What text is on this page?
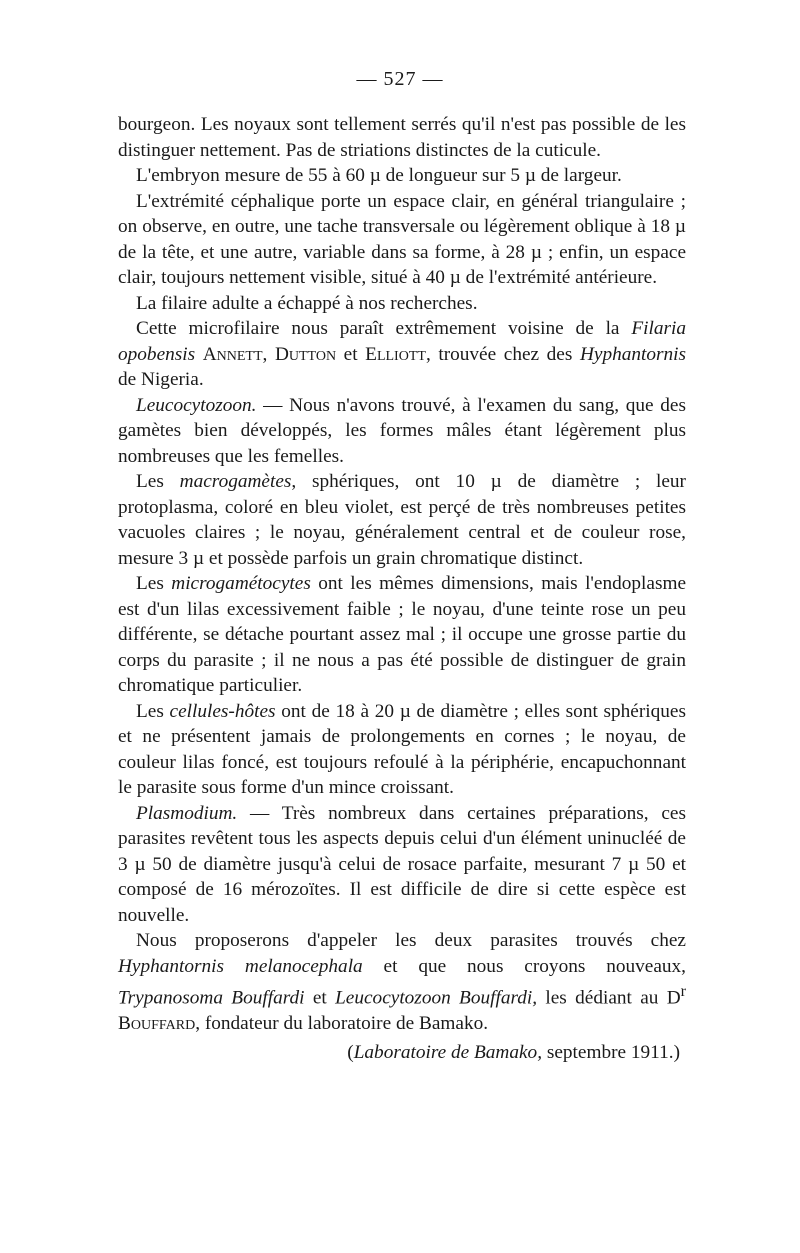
— 527 —

bourgeon. Les noyaux sont tellement serrés qu'il n'est pas possible de les distinguer nettement. Pas de striations distinctes de la cuticule.

L'embryon mesure de 55 à 60 µ de longueur sur 5 µ de largeur.

L'extrémité céphalique porte un espace clair, en général triangulaire ; on observe, en outre, une tache transversale ou légèrement oblique à 18 µ de la tête, et une autre, variable dans sa forme, à 28 µ ; enfin, un espace clair, toujours nettement visible, situé à 40 µ de l'extrémité antérieure.

La filaire adulte a échappé à nos recherches.

Cette microfilaire nous paraît extrêmement voisine de la Filaria opobensis Annett, Dutton et Elliott, trouvée chez des Hyphantornis de Nigeria.

Leucocytozoon. — Nous n'avons trouvé, à l'examen du sang, que des gamètes bien développés, les formes mâles étant légèrement plus nombreuses que les femelles.

Les macrogamètes, sphériques, ont 10 µ de diamètre ; leur protoplasma, coloré en bleu violet, est perçé de très nombreuses petites vacuoles claires ; le noyau, généralement central et de couleur rose, mesure 3 µ et possède parfois un grain chromatique distinct.

Les microgamétocytes ont les mêmes dimensions, mais l'endoplasme est d'un lilas excessivement faible ; le noyau, d'une teinte rose un peu différente, se détache pourtant assez mal ; il occupe une grosse partie du corps du parasite ; il ne nous a pas été possible de distinguer de grain chromatique particulier.

Les cellules-hôtes ont de 18 à 20 µ de diamètre ; elles sont sphériques et ne présentent jamais de prolongements en cornes ; le noyau, de couleur lilas foncé, est toujours refoulé à la périphérie, encapuchonnant le parasite sous forme d'un mince croissant.

Plasmodium. — Très nombreux dans certaines préparations, ces parasites revêtent tous les aspects depuis celui d'un élément uninucléé de 3 µ 50 de diamètre jusqu'à celui de rosace parfaite, mesurant 7 µ 50 et composé de 16 mérozoïtes. Il est difficile de dire si cette espèce est nouvelle.

Nous proposerons d'appeler les deux parasites trouvés chez Hyphantornis melanocephala et que nous croyons nouveaux, Trypanosoma Bouffardi et Leucocytozoon Bouffardi, les dédiant au $D^r$ Bouffard, fondateur du laboratoire de Bamako.

(Laboratoire de Bamako, septembre 1911.)
